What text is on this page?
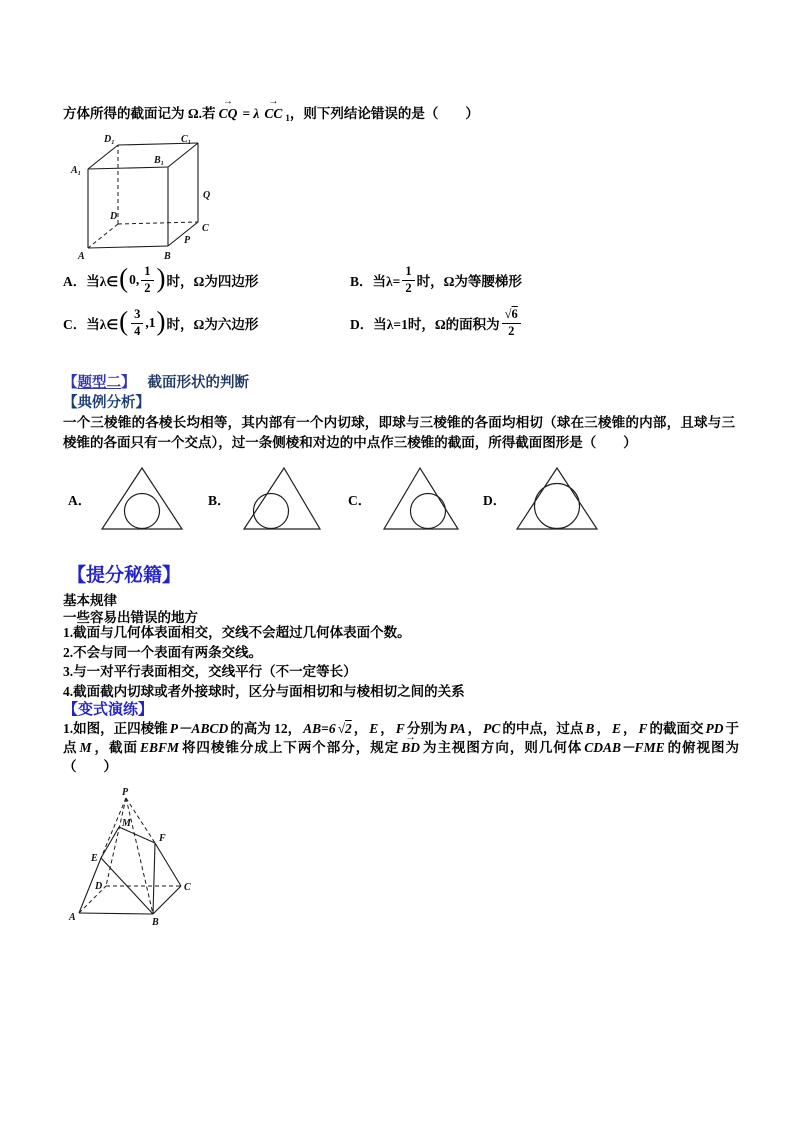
方体所得的截面记为 Ω.若 CQ → = λ CC → $_1$，则下列结论错误的是（　　）
A	B
C
D
A₁
B₁
C₁
D₁
Q
P
A．当λ∈ ( 0, $\frac{1}{2}$ ) 时，Ω为四边形	B．当$\lambda= \frac{1}{2}$ 时，Ω为等腰梯形
C．当λ∈ ( $\frac{3}{4} ,1$ ) 时，Ω为六边形	D．当λ=1时，Ω的面积为 $\frac{√6}{2}$
【题型二】 截面形状的判断
【典例分析】
一个三棱锥的各棱长均相等，其内部有一个内切球，即球与三棱锥的各面均相切（球在三棱锥的内部，且球与三棱锥的各面只有一个交点），过一条侧棱和对边的中点作三棱锥的截面，所得截面图形是（　　）
A．	B．	C．	D．
【提分秘籍】
基本规律
一些容易出错误的地方
1.截面与几何体表面相交，交线不会超过几何体表面个数。
2.不会与同一个表面有两条交线。
3.与一对平行表面相交，交线平行（不一定等长）
4.截面截内切球或者外接球时，区分与面相切和与棱相切之间的关系
【变式演练】
1.如图，正四棱锥 P－ABCD 的高为 12， AB=6 √2 ， E ， F 分别为 PA ， PC 的中点，过点 B ， E ， F 的截面交 PD 于点 M ，截面 EBFM 将四棱锥分成上下两个部分，规定 BD → 为主视图方向，则几何体 CDAB－FME 的俯视图为（　　）
P
M
F
E
D	C
A	B
